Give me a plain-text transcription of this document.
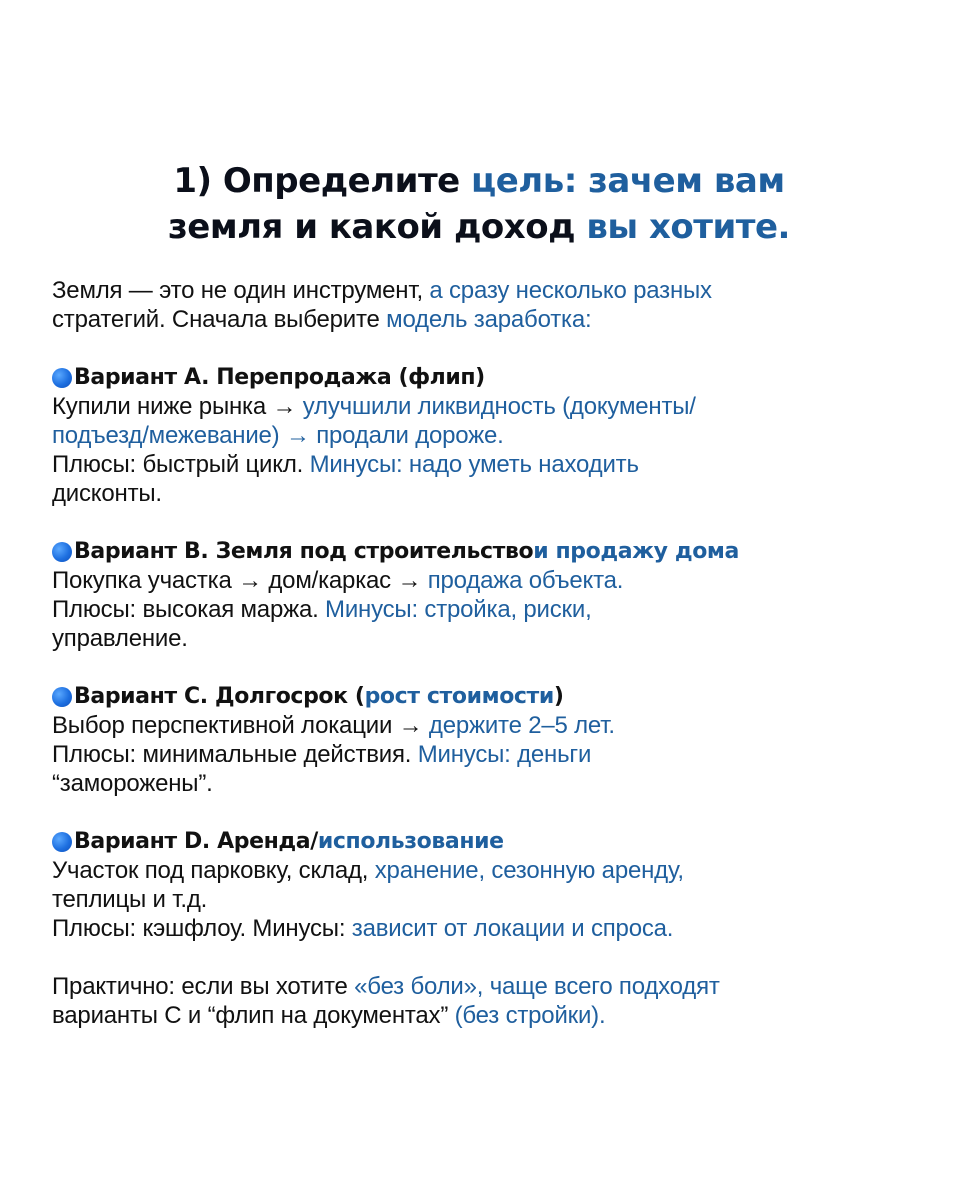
1) Определите цель: зачем вам
земля и какой доход вы хотите.

Земля — это не один инструмент, а сразу несколько разных

стратегий. Сначала выберите модель заработка:

Вариант A. Перепродажа (флип)

Купили ниже рынка → улучшили ликвидность (документы/

подъезд/межевание) → продали дороже.

Плюсы: быстрый цикл. Минусы: надо уметь находить

дисконты.

Вариант B. Земля под строительство и продажу дома

Покупка участка → дом/каркас → продажа объекта.

Плюсы: высокая маржа. Минусы: стройка, риски,

управление.

Вариант C. Долгосрок ( рост стоимости )

Выбор перспективной локации → держите 2–5 лет.

Плюсы: минимальные действия. Минусы: деньги

“заморожены”.

Вариант D. Аренда/ использование

Участок под парковку, склад, хранение, сезонную аренду,

теплицы и т.д.

Плюсы: кэшфлоу. Минусы: зависит от локации и спроса.

Практично: если вы хотите «без боли», чаще всего подходят

варианты C и “флип на документах” (без стройки).
